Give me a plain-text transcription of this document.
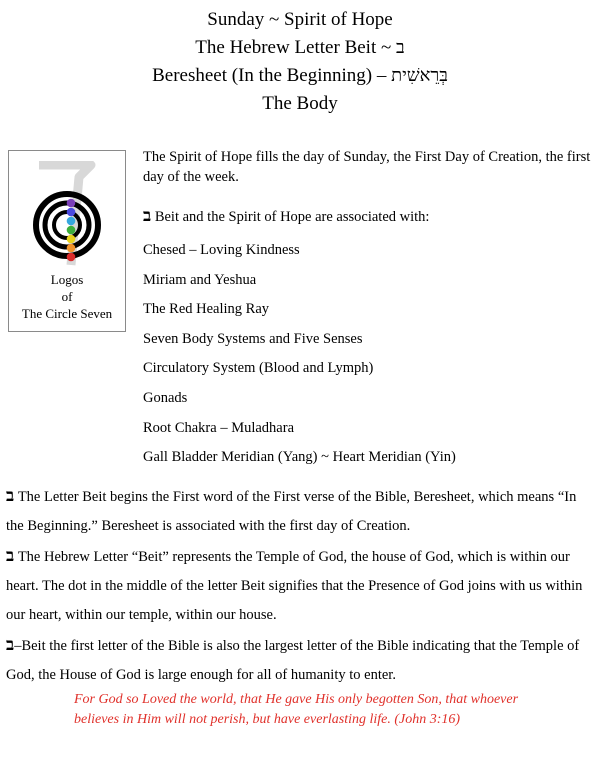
Sunday ~ Spirit of Hope
The Hebrew Letter Beit ~ ב
Beresheet (In the Beginning) – בְּרֵאשִׁית
The Body
Logos
of
The Circle Seven
The Spirit of Hope fills the day of Sunday, the First Day of Creation, the first day of the week.
ב Beit and the Spirit of Hope are associated with:
Chesed – Loving Kindness
Miriam and Yeshua
The Red Healing Ray
Seven Body Systems and Five Senses
Circulatory System (Blood and Lymph)
Gonads
Root Chakra – Muladhara
Gall Bladder Meridian (Yang) ~ Heart Meridian (Yin)
ב The Letter Beit begins the First word of the First verse of the Bible, Beresheet, which means “In the Beginning.” Beresheet is associated with the first day of Creation.
ב The Hebrew Letter “Beit” represents the Temple of God, the house of God, which is within our heart. The dot in the middle of the letter Beit signifies that the Presence of God joins with us within our heart, within our temple, within our house.
ב–Beit the first letter of the Bible is also the largest letter of the Bible indicating that the Temple of God, the House of God is large enough for all of humanity to enter.
For God so Loved the world, that He gave His only begotten Son, that whoever believes in Him will not perish, but have everlasting life. (John 3:16)
